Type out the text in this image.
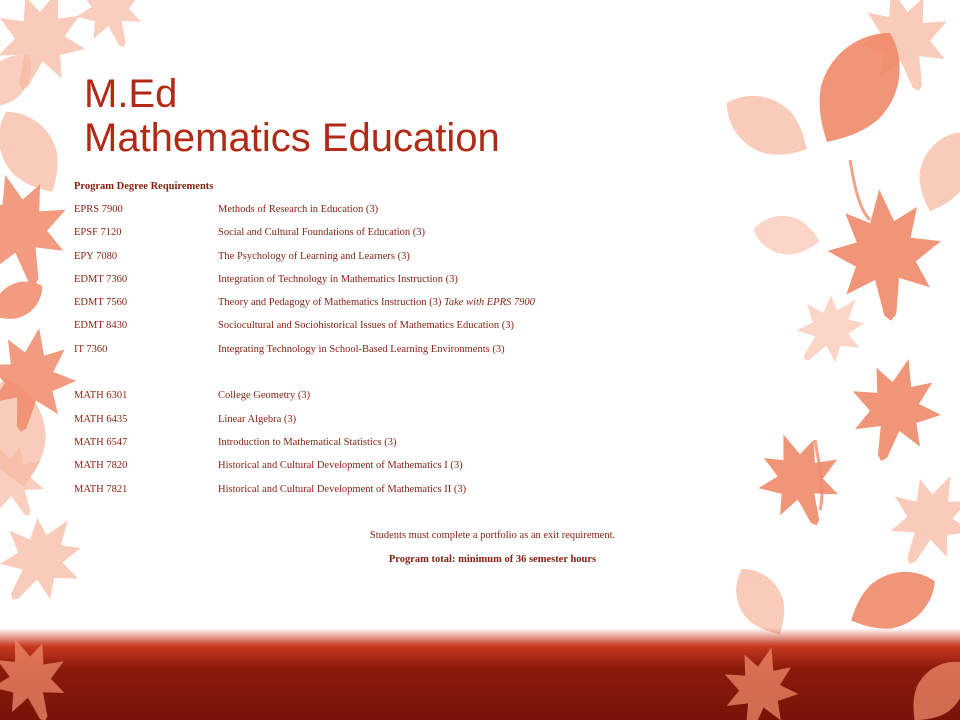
M.Ed
Mathematics Education
Program Degree Requirements
EPRS 7900	Methods of Research in Education (3)
EPSF 7120	Social and Cultural Foundations of Education (3)
EPY 7080	The Psychology of Learning and Learners (3)
EDMT 7360	Integration of Technology in Mathematics Instruction (3)
EDMT 7560	Theory and Pedagogy of Mathematics Instruction (3) Take with EPRS 7900
EDMT 8430	Sociocultural and Sociohistorical Issues of Mathematics Education (3)
IT 7360	Integrating Technology in School-Based Learning Environments (3)
MATH 6301	College Geometry (3)
MATH 6435	Linear Algebra (3)
MATH 6547	Introduction to Mathematical Statistics (3)
MATH 7820	Historical and Cultural Development of Mathematics I (3)
MATH 7821	Historical and Cultural Development of Mathematics II (3)
Students must complete a portfolio as an exit requirement.
Program total: minimum of 36 semester hours
